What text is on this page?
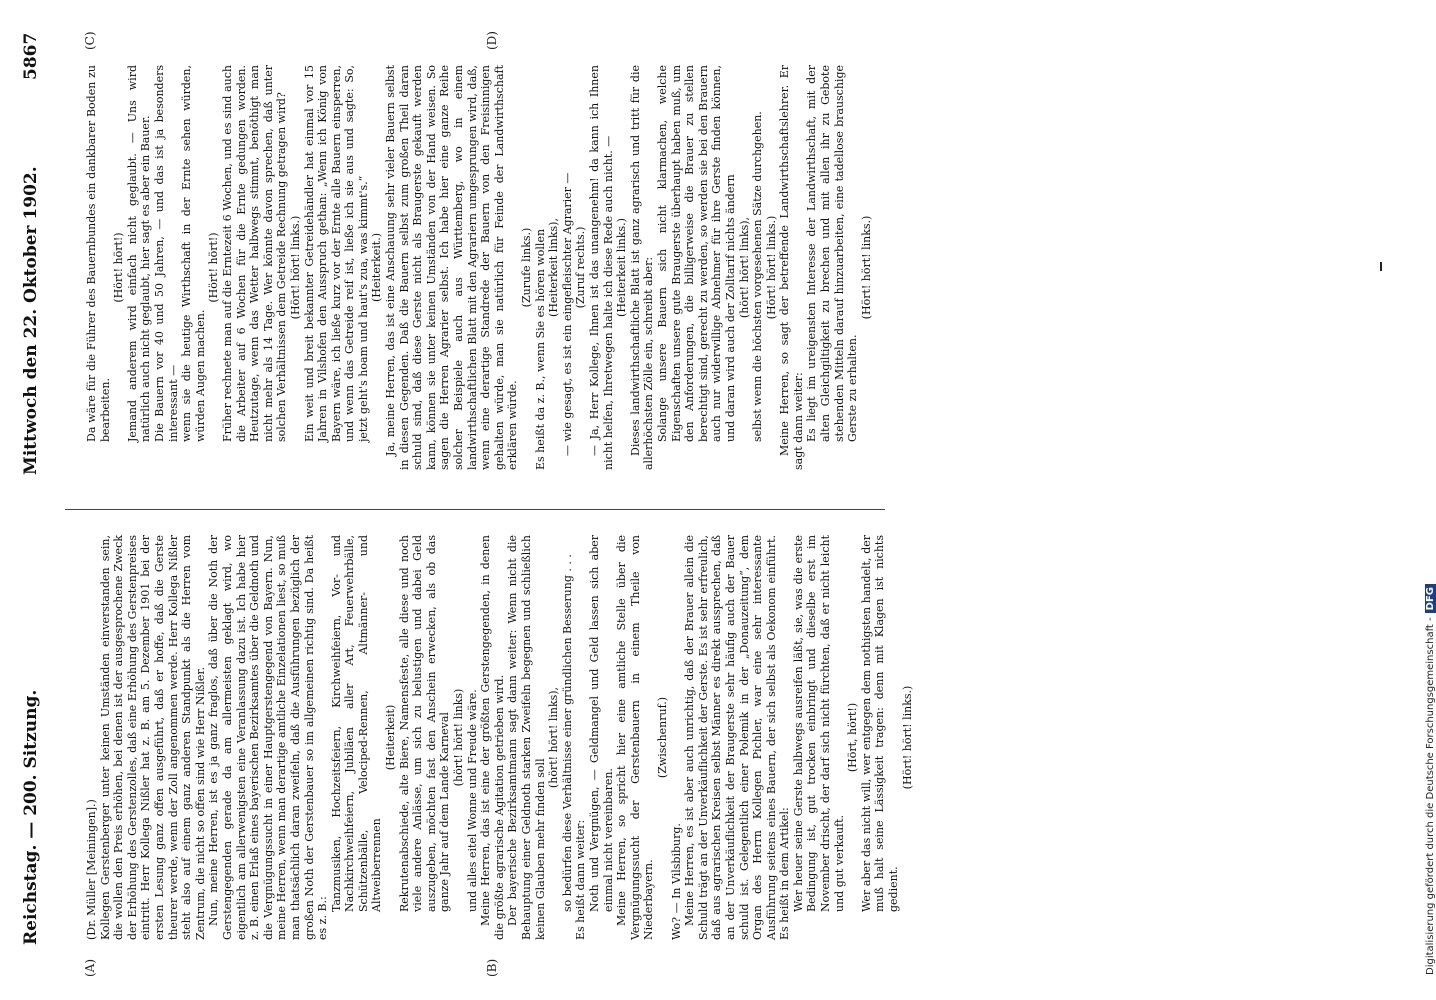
Reichstag. — 200. Sitzung.
Mittwoch den 22. Oktober 1902.
5867
(A)	(B)
(C)	(D)

(Dr. Müller [Meiningen].) Kollegen Gerstenberger unter keinen Umständen einverstanden sein, die wollen den Preis erhöhen, bei denen ist der ausgesprochene Zweck der Erhöhung des Gerstenzolles, daß eine Erhöhung des Gerstenpreises eintritt. Herr Kollega Nißler hat z. B. am 5. Dezember 1901 bei der ersten Lesung ganz offen ausgeführt, daß er hoffe, daß die Gerste theurer werde, wenn der Zoll angenommen werde. Herr Kollega Nißler steht also auf einem ganz anderen Standpunkt als die Herren vom Zentrum, die nicht so offen sind wie Herr Nißler. Nun, meine Herren, ist es ja ganz fraglos, daß über die Noth der Gerstengegenden gerade da am allermeisten geklagt wird, wo eigentlich am allerwenigsten eine Veranlassung dazu ist. Ich habe hier z. B. einen Erlaß eines bayerischen Bezirksamtes über die Geldnoth und die Vergnügungssucht in einer Hauptgerstengegend von Bayern. Nun, meine Herren, wenn man derartige amtliche Einzelationen liest, so muß man thatsächlich daran zweifeln, daß die Ausführungen bezüglich der großen Noth der Gerstenbauer so im allgemeinen richtig sind. Da heißt es z. B.:

Tanzmusiken, Hochzeitsfeiern, Kirchweihfeiern, Vor- und Nachkirchweihfeiern, Jubiläen aller Art, Feuerwehrbälle, Schützenbälle, Velociped-Rennen, Altmänner- und Altweiberrennen

(Heiterkeit) Rekrutenabschiede, alte Biere, Namensfeste, alle diese und noch viele andere Anlässe, um sich zu belustigen und dabei Geld auszugeben, möchten fast den Anschein erwecken, als ob das ganze Jahr auf dem Lande Karneval (hört! hört! links) und alles eitel Wonne und Freude wäre. Meine Herren, das ist eine der größten Gerstengegenden, in denen die größte agrarische Agitation getrieben wird. Der bayerische Bezirksamtmann sagt dann weiter: Wenn nicht die Behauptung einer Geldnoth starken Zweifeln begegnen und schließlich keinen Glauben mehr finden soll

(hört! hört! links), so bedürfen diese Verhältnisse einer gründlichen Besserung . . . Es heißt dann weiter: Noth und Vergnügen, — Geldmangel und Geld lassen sich aber einmal nicht vereinbaren. Meine Herren, so spricht hier eine amtliche Stelle über die Vergnügungssucht der Gerstenbauern in einem Theile von Niederbayern.

(Zwischenruf.)

Wo? — In Vilsbiburg. Meine Herren, es ist aber auch unrichtig, daß der Brauer allein die Schuld trägt an der Unverkäuflichkeit der Gerste. Es ist sehr erfreulich, daß aus agrarischen Kreisen selbst Männer es direkt aussprechen, daß an der Unverkäuflichkeit der Braugerste sehr häufig auch der Bauer schuld ist. Gelegentlich einer Polemik in der „Donauzeitung“, dem Organ des Herrn Kollegen Pichler, war eine sehr interessante Ausführung seitens eines Bauern, der sich selbst als Oekonom einführt. Es heißt in dem Artikel: Wer heuer seine Gerste halbwegs ausreifen läßt, sie, was die erste Bedingung ist, gut trocken einbringt und dieselbe erst im November drischt, der darf sich nicht fürchten, daß er nicht leicht und gut verkauft.

(Hört, hört!) Wer aber das nicht will, wer entgegen dem nothigsten handelt, der muß halt seine Lässigkeit tragen: denn mit Klagen ist nichts gedient.

(Hört! hört! links.)

Da wäre für die Führer des Bauernbundes ein dankbarer Boden zu bearbeiten.

(Hört! hört!) Jemand anderem wird einfach nicht geglaubt. — Uns wird natürlich auch nicht geglaubt, hier sagt es aber ein Bauer. Die Bauern vor 40 und 50 Jahren, — und das ist ja besonders interessant — wenn sie die heutige Wirthschaft in der Ernte sehen würden, würden Augen machen.

(Hört! hört!) Früher rechnete man auf die Erntezeit 6 Wochen, und es sind auch die Arbeiter auf 6 Wochen für die Ernte gedungen worden. Heutzutage, wenn das Wetter halbwegs stimmt, benöthigt man nicht mehr als 14 Tage. Wer könnte davon sprechen, daß unter solchen Verhältnissen dem Getreide Rechnung getragen wird? (Hört! hört! links.) Ein weit und breit bekannter Getreidehändler hat einmal vor 15 Jahren in Vilshofen den Ausspruch gethan: „Wenn ich König von Bayern wäre, ich ließe kurz vor der Ernte alle Bauern einsperren, und wenn das Getreide reif ist, ließe ich sie aus und sagte: So, jetzt geht's hoam und haut's zua, was kimmt's.“ (Heiterkeit.) Ja, meine Herren, das ist eine Anschauung sehr vieler Bauern selbst in diesen Gegenden. Daß die Bauern selbst zum großen Theil daran schuld sind, daß diese Gerste nicht als Braugerste gekauft werden kann, können sie unter keinen Umständen von der Hand weisen. So sagen die Herren Agrarier selbst. Ich habe hier eine ganze Reihe solcher Beispiele auch aus Württemberg, wo in einem landwirthschaftlichen Blatt mit den Agrariern umgesprungen wird, daß, wenn eine derartige Standrede der Bauern von den Freisinnigen gehalten würde, man sie natürlich für Feinde der Landwirthschaft erklären würde.

(Zurufe links.) Es heißt da z. B., wenn Sie es hören wollen (Heiterkeit links), — wie gesagt, es ist ein eingefleischter Agrarier — (Zuruf rechts.) — Ja, Herr Kollege, Ihnen ist das unangenehm! da kann ich Ihnen nicht helfen, Ihretwegen halte ich diese Rede auch nicht. — (Heiterkeit links.) Dieses landwirthschaftliche Blatt ist ganz agrarisch und tritt für die allerhöchsten Zölle ein, schreibt aber: Solange unsere Bauern sich nicht klarmachen, welche Eigenschaften unsere gute Braugerste überhaupt haben muß, um den Anforderungen, die billigerweise die Brauer zu stellen berechtigt sind, gerecht zu werden, so werden sie bei den Brauern auch nur widerwillige Abnehmer für ihre Gerste finden können, und daran wird auch der Zolltarif nichts ändern (hört! hört! links), selbst wenn die höchsten vorgesehenen Sätze durchgehen. (Hört! hört! links.) Meine Herren, so sagt der betreffende Landwirthschaftslehrer. Er sagt dann weiter: Es liegt im ureigensten Interesse der Landwirthschaft, mit der alten Gleichgiltigkeit zu brechen und mit allen ihr zu Gebote stehenden Mitteln darauf hinzuarbeiten, eine tadellose brauschige Gerste zu erhalten.

(Hört! hört! links.)

Digitalisierung gefördert durch die Deutsche Forschungsgemeinschaft -DFG
